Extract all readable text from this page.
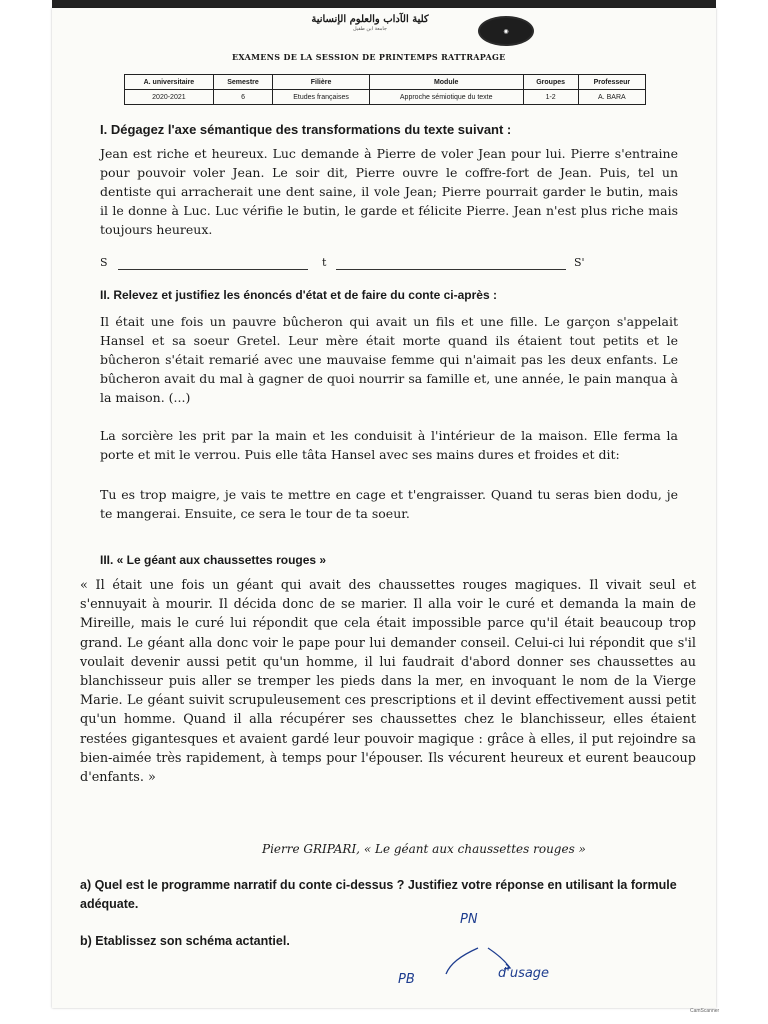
كلية الآداب والعلوم الإنسانية
جامعة ابن طفيل	◉
EXAMENS DE LA SESSION DE PRINTEMPS RATTRAPAGE
A. universitaire	Semestre	Filière	Module	Groupes	Professeur
2020-2021	6	Etudes françaises	Approche sémiotique du texte	1-2	A. BARA
I. Dégagez l'axe sémantique des transformations du texte suivant :
Jean est riche et heureux. Luc demande à Pierre de voler Jean pour lui. Pierre s'entraine pour pouvoir voler Jean. Le soir dit, Pierre ouvre le coffre-fort de Jean. Puis, tel un dentiste qui arracherait une dent saine, il vole Jean; Pierre pourrait garder le butin, mais il le donne à Luc. Luc vérifie le butin, le garde et félicite Pierre. Jean n'est plus riche mais toujours heureux.
S	t	S'
II. Relevez et justifiez les énoncés d'état et de faire du conte ci-après :
Il était une fois un pauvre bûcheron qui avait un fils et une fille. Le garçon s'appelait Hansel et sa soeur Gretel. Leur mère était morte quand ils étaient tout petits et le bûcheron s'était remarié avec une mauvaise femme qui n'aimait pas les deux enfants. Le bûcheron avait du mal à gagner de quoi nourrir sa famille et, une année, le pain manqua à la maison. (...)
La sorcière les prit par la main et les conduisit à l'intérieur de la maison. Elle ferma la porte et mit le verrou. Puis elle tâta Hansel avec ses mains dures et froides et dit:
Tu es trop maigre, je vais te mettre en cage et t'engraisser. Quand tu seras bien dodu, je te mangerai. Ensuite, ce sera le tour de ta soeur.
III. « Le géant aux chaussettes rouges »
« Il était une fois un géant qui avait des chaussettes rouges magiques. Il vivait seul et s'ennuyait à mourir. Il décida donc de se marier. Il alla voir le curé et demanda la main de Mireille, mais le curé lui répondit que cela était impossible parce qu'il était beaucoup trop grand. Le géant alla donc voir le pape pour lui demander conseil. Celui-ci lui répondit que s'il voulait devenir aussi petit qu'un homme, il lui faudrait d'abord donner ses chaussettes au blanchisseur puis aller se tremper les pieds dans la mer, en invoquant le nom de la Vierge Marie. Le géant suivit scrupuleusement ces prescriptions et il devint effectivement aussi petit qu'un homme. Quand il alla récupérer ses chaussettes chez le blanchisseur, elles étaient restées gigantesques et avaient gardé leur pouvoir magique : grâce à elles, il put rejoindre sa bien-aimée très rapidement, à temps pour l'épouser. Ils vécurent heureux et eurent beaucoup d'enfants. »
Pierre GRIPARI, « Le géant aux chaussettes rouges »
a) Quel est le programme narratif du conte ci-dessus ? Justifiez votre réponse en utilisant la formule adéquate.
b) Etablissez son schéma actantiel.
PN
PB	d'usage
CamScanner
